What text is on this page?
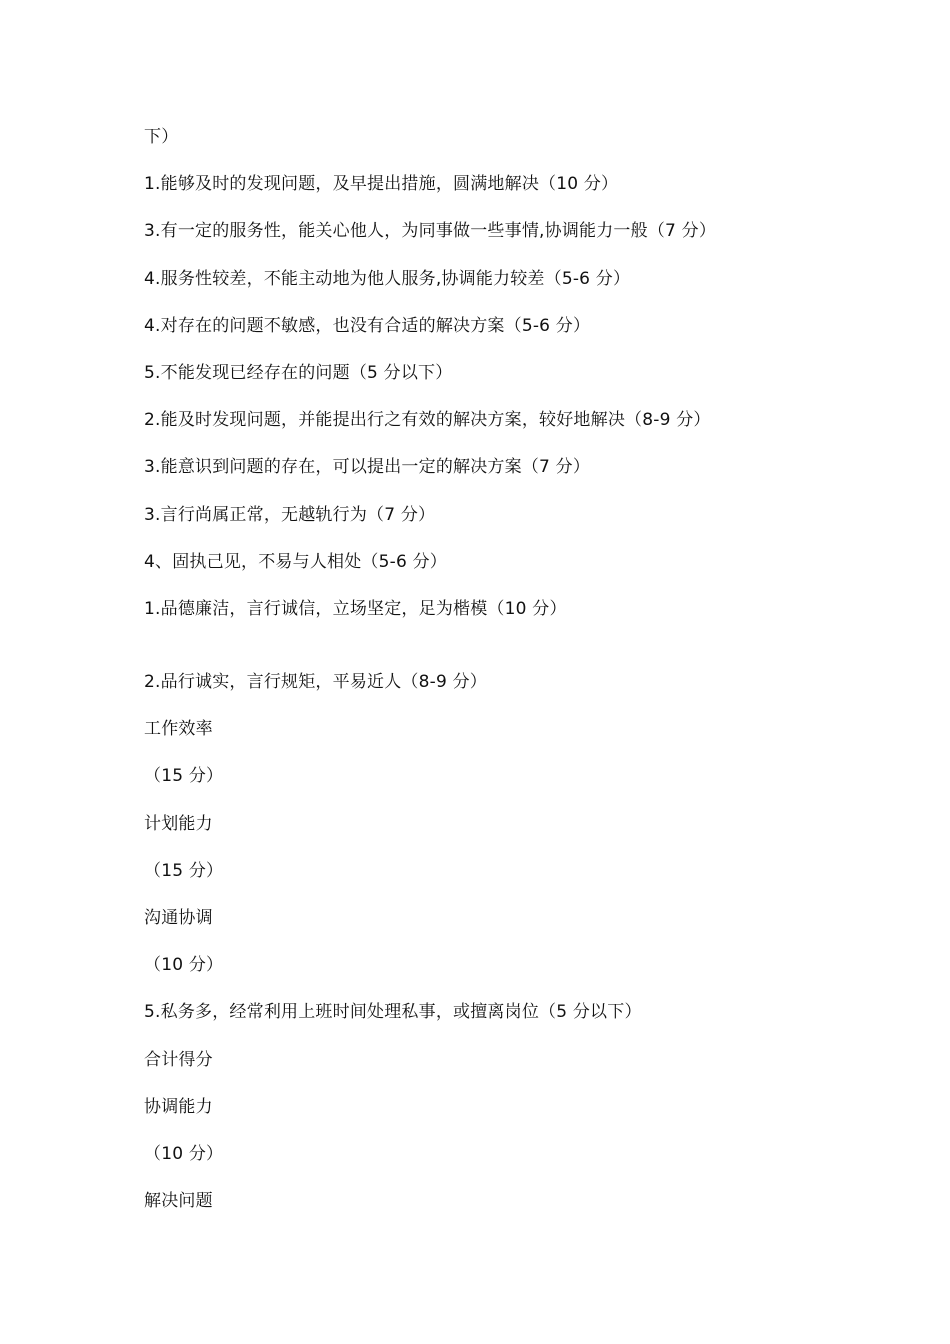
下）
1.能够及时的发现问题，及早提出措施，圆满地解决（10 分）
3.有一定的服务性，能关心他人，为同事做一些事情,协调能力一般（7 分）
4.服务性较差，不能主动地为他人服务,协调能力较差（5-6 分）
4.对存在的问题不敏感，也没有合适的解决方案（5-6 分）
5.不能发现已经存在的问题（5 分以下）
2.能及时发现问题，并能提出行之有效的解决方案，较好地解决（8-9 分）
3.能意识到问题的存在，可以提出一定的解决方案（7 分）
3.言行尚属正常，无越轨行为（7 分）
4、固执己见，不易与人相处（5-6 分）
1.品德廉洁，言行诚信，立场坚定，足为楷模（10 分）
2.品行诚实，言行规矩，平易近人（8-9 分）
工作效率
（15 分）
计划能力
（15 分）
沟通协调
（10 分）
5.私务多，经常利用上班时间处理私事，或擅离岗位（5 分以下）
合计得分
协调能力
（10 分）
解决问题
